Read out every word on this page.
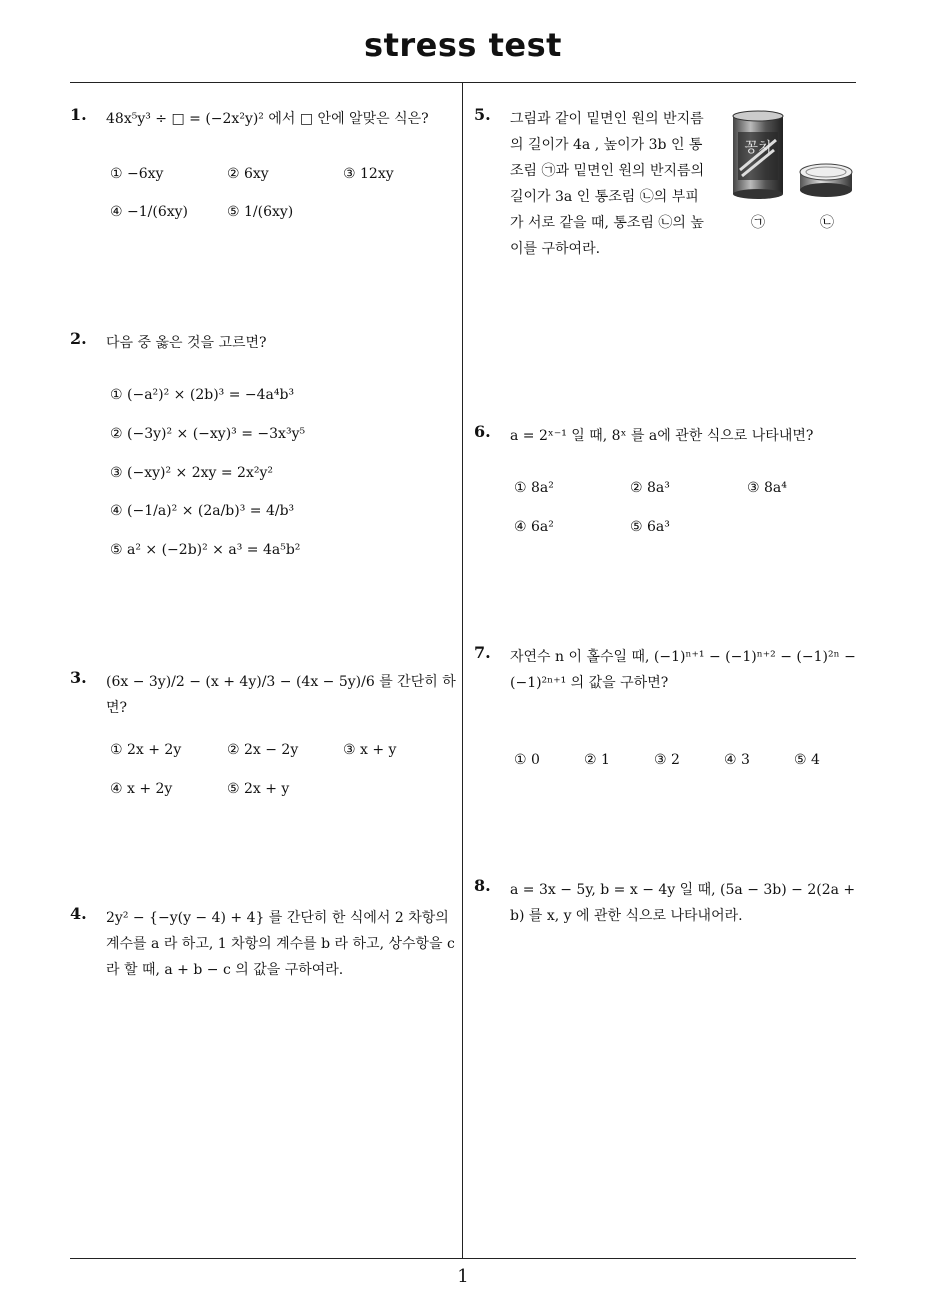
stress test
1. 48x⁵y³ ÷ □ = (−2x²y)² 에서 □ 안에 알맞은 식은?
① −6xy	② 6xy	③ 12xy
④ −1/(6xy)	⑤ 1/(6xy)
2. 다음 중 옳은 것을 고르면?
① (−a²)² × (2b)³ = −4a⁴b³
② (−3y)² × (−xy)³ = −3x³y⁵
③ (−xy)² × 2xy = 2x²y²
④ (−1/a)² × (2a/b)³ = 4/b³
⑤ a² × (−2b)² × a³ = 4a⁵b²
3. (6x − 3y)/2 − (x + 4y)/3 − (4x − 5y)/6 를 간단히 하면?
① 2x + 2y	② 2x − 2y	③ x + y
④ x + 2y	⑤ 2x + y
4. 2y² − {−y(y − 4) + 4} 를 간단히 한 식에서 2 차항의 계수를 a 라 하고, 1 차항의 계수를 b 라 하고, 상수항을 c 라 할 때, a + b − c 의 값을 구하여라.
5. 그림과 같이 밑면인 원의 반지름의 길이가 4a , 높이가 3b 인 통조림 ㉠과 밑면인 원의 반지름의 길이가 3a 인 통조림 ㉡의 부피가 서로 같을 때, 통조림 ㉡의 높이를 구하여라.
꽁치
㉠	㉡
6. a = 2ˣ⁻¹ 일 때, 8ˣ 를 a에 관한 식으로 나타내면?
① 8a²	② 8a³	③ 8a⁴
④ 6a²	⑤ 6a³
7. 자연수 n 이 홀수일 때, (−1)ⁿ⁺¹ − (−1)ⁿ⁺² − (−1)²ⁿ − (−1)²ⁿ⁺¹ 의 값을 구하면?
① 0	② 1	③ 2	④ 3	⑤ 4
8. a = 3x − 5y, b = x − 4y 일 때, (5a − 3b) − 2(2a + b) 를 x, y 에 관한 식으로 나타내어라.
1
